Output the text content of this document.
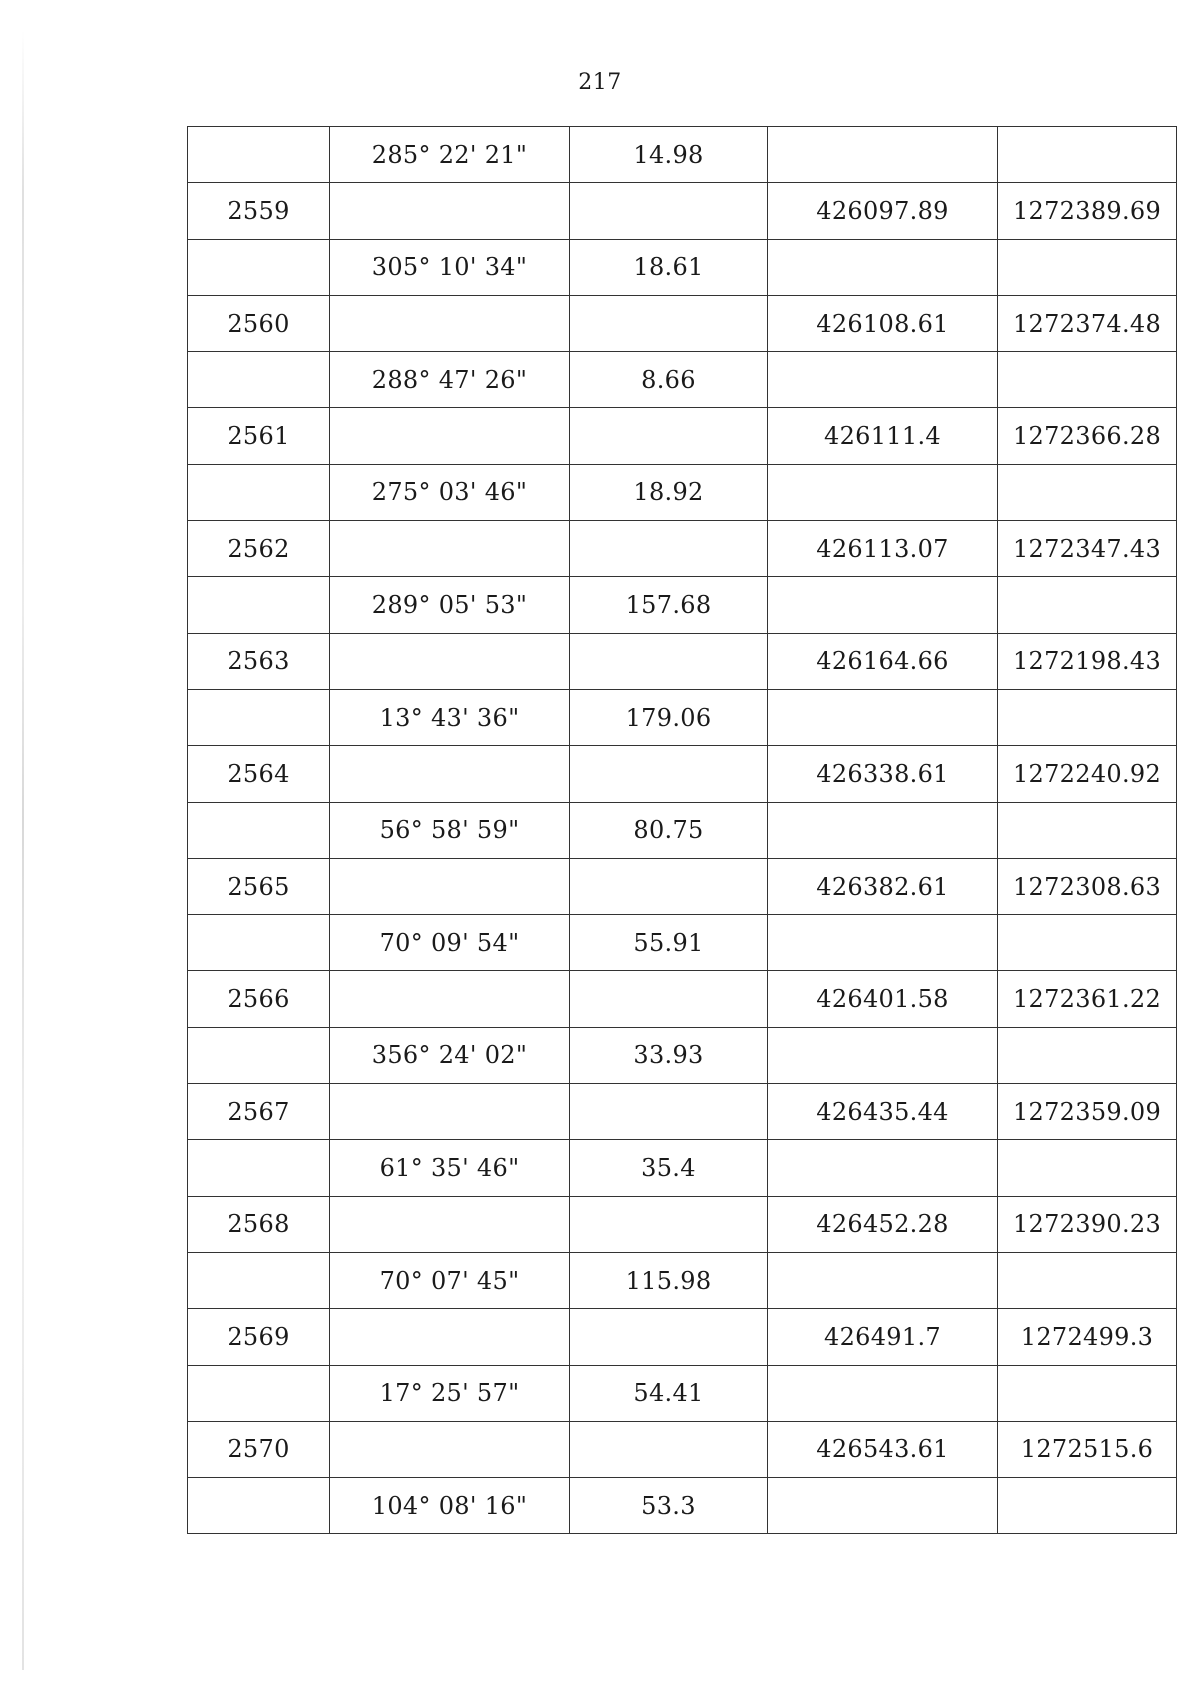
217
	285° 22' 21"	14.98		
2559			426097.89	1272389.69
	305° 10' 34"	18.61		
2560			426108.61	1272374.48
	288° 47' 26"	8.66		
2561			426111.4	1272366.28
	275° 03' 46"	18.92		
2562			426113.07	1272347.43
	289° 05' 53"	157.68		
2563			426164.66	1272198.43
	13° 43' 36"	179.06		
2564			426338.61	1272240.92
	56° 58' 59"	80.75		
2565			426382.61	1272308.63
	70° 09' 54"	55.91		
2566			426401.58	1272361.22
	356° 24' 02"	33.93		
2567			426435.44	1272359.09
	61° 35' 46"	35.4		
2568			426452.28	1272390.23
	70° 07' 45"	115.98		
2569			426491.7	1272499.3
	17° 25' 57"	54.41		
2570			426543.61	1272515.6
	104° 08' 16"	53.3		
